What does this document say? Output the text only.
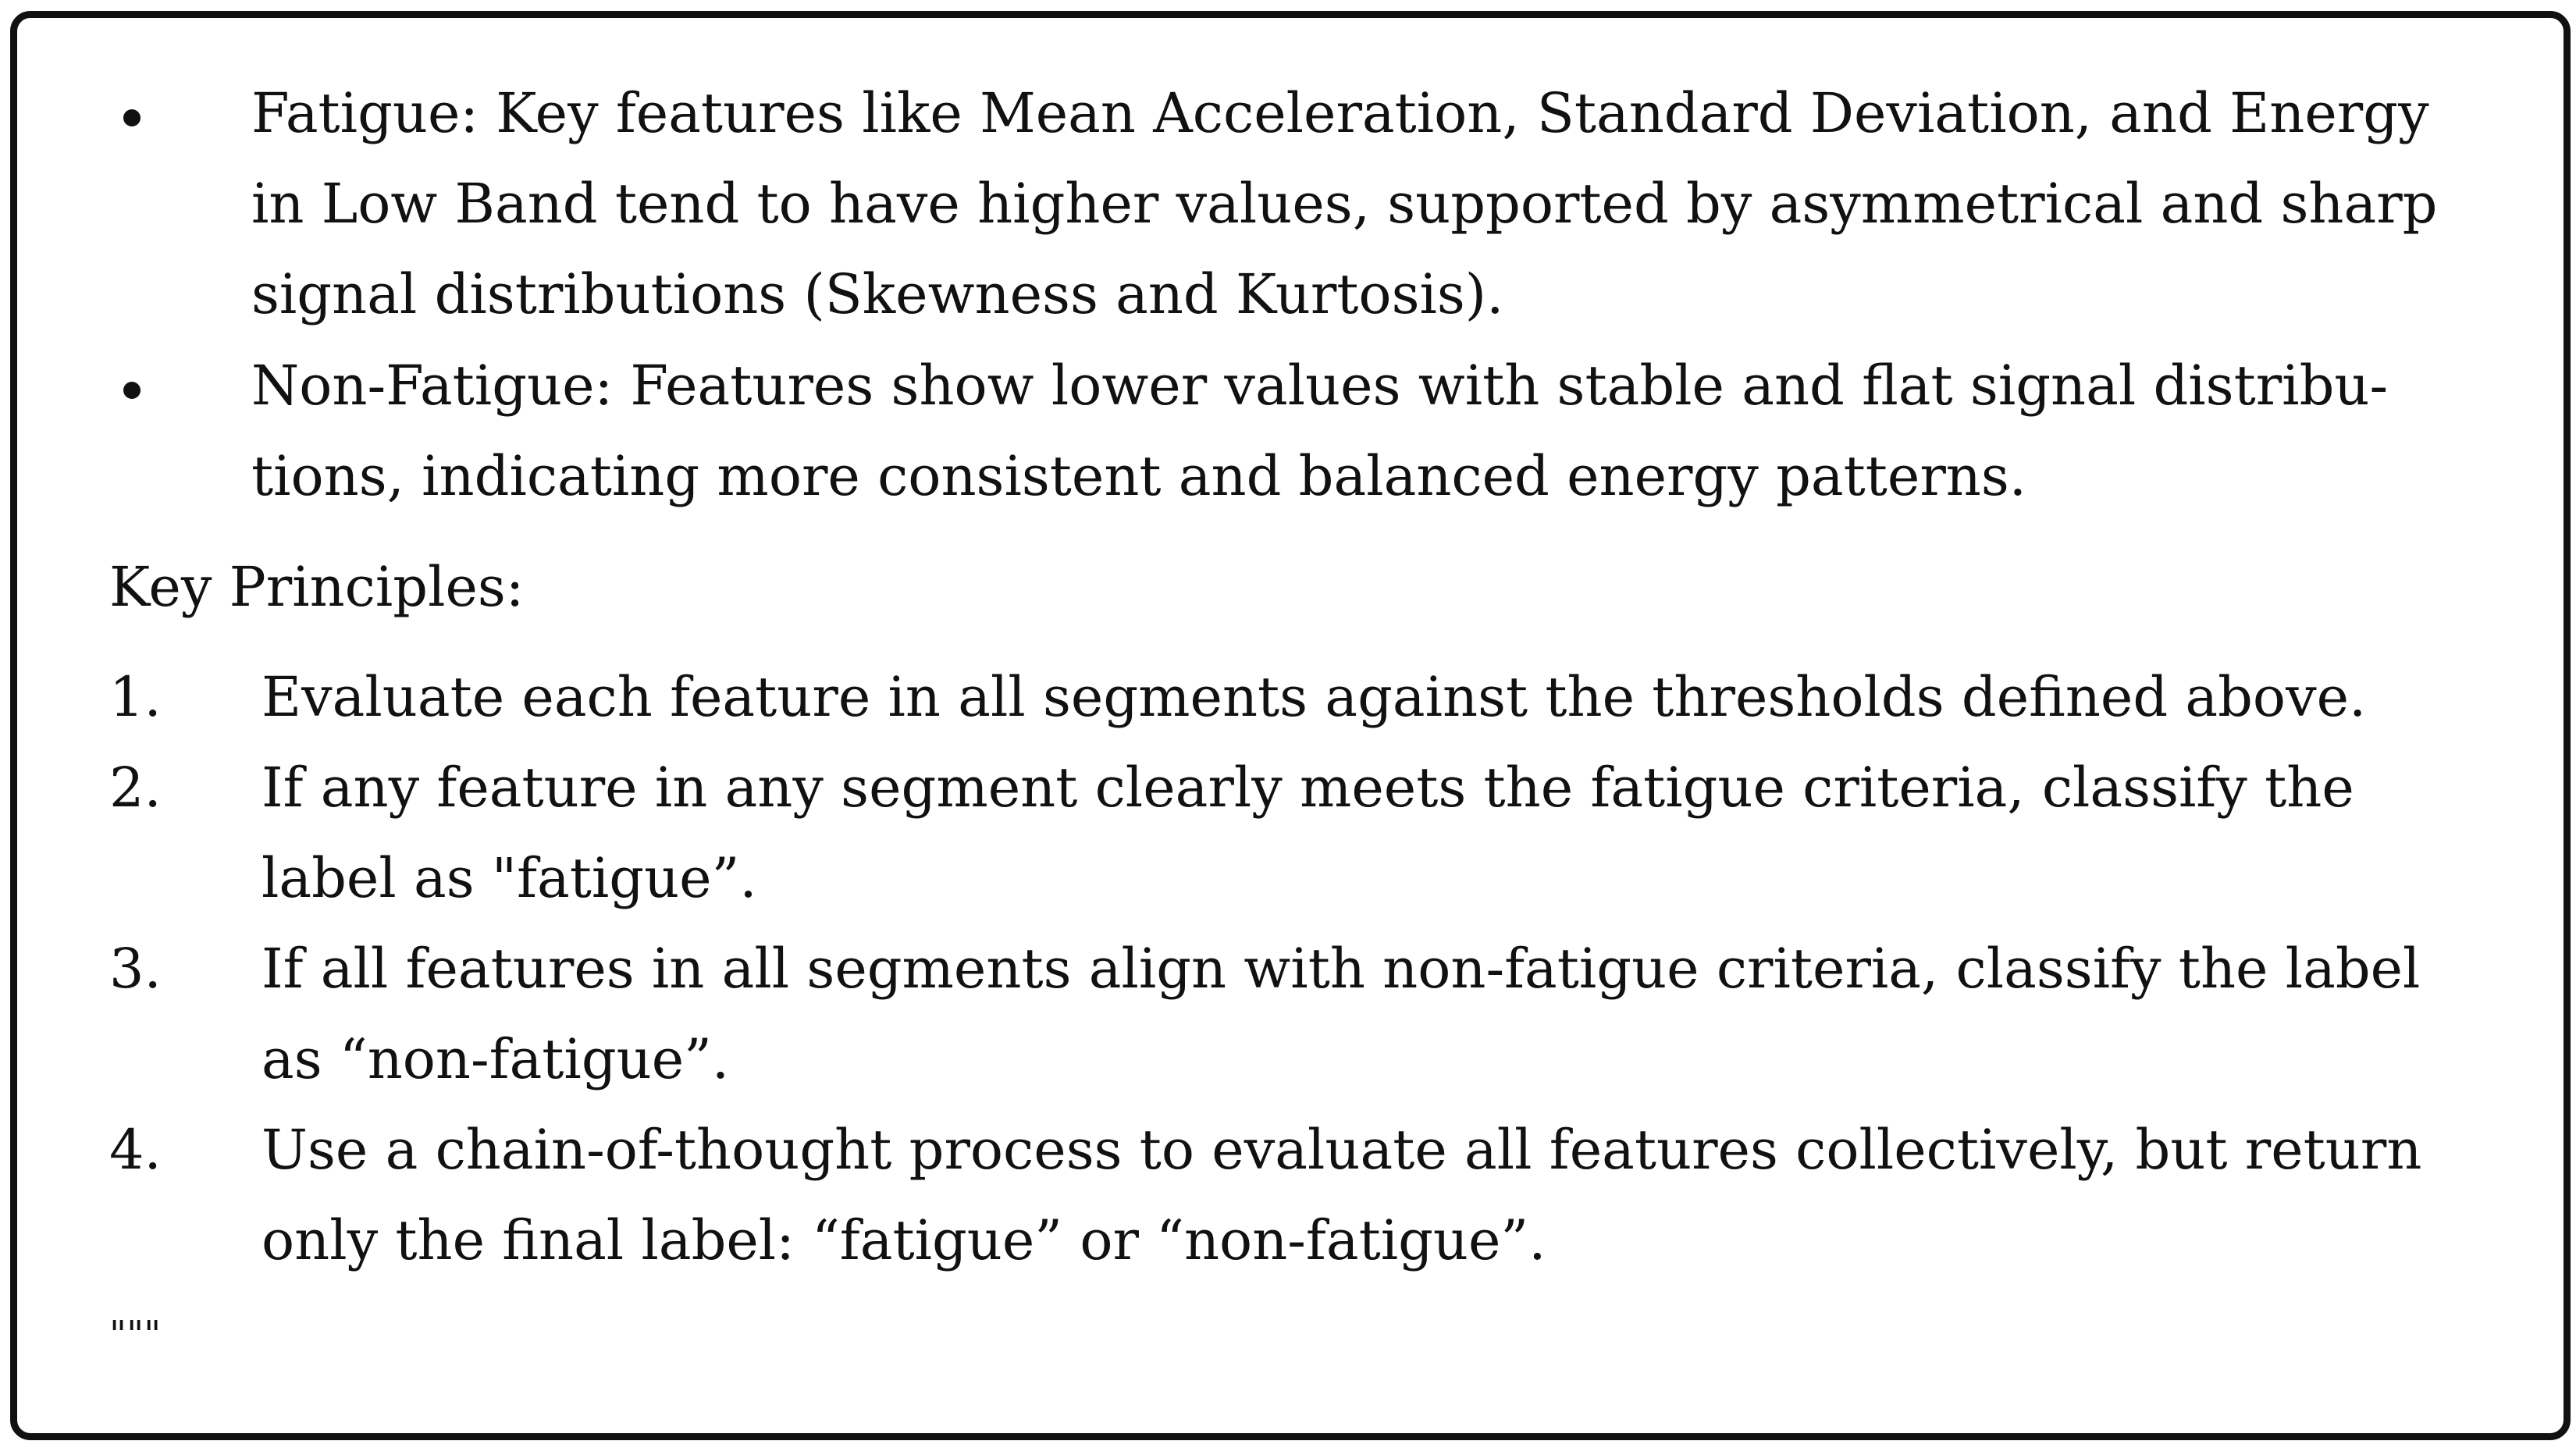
Fatigue: Key features like Mean Acceleration, Standard Deviation, and Energy
in Low Band tend to have higher values, supported by asymmetrical and sharp
signal distributions (Skewness and Kurtosis).
Non-Fatigue: Features show lower values with stable and flat signal distribu-
tions, indicating more consistent and balanced energy patterns.
Key Principles:
1. Evaluate each feature in all segments against the thresholds defined above.
2. If any feature in any segment clearly meets the fatigue criteria, classify the
label as "fatigue”.
3. If all features in all segments align with non-fatigue criteria, classify the label
as “non-fatigue”.
4. Use a chain-of-thought process to evaluate all features collectively, but return
only the final label: “fatigue” or “non-fatigue”.
"""
